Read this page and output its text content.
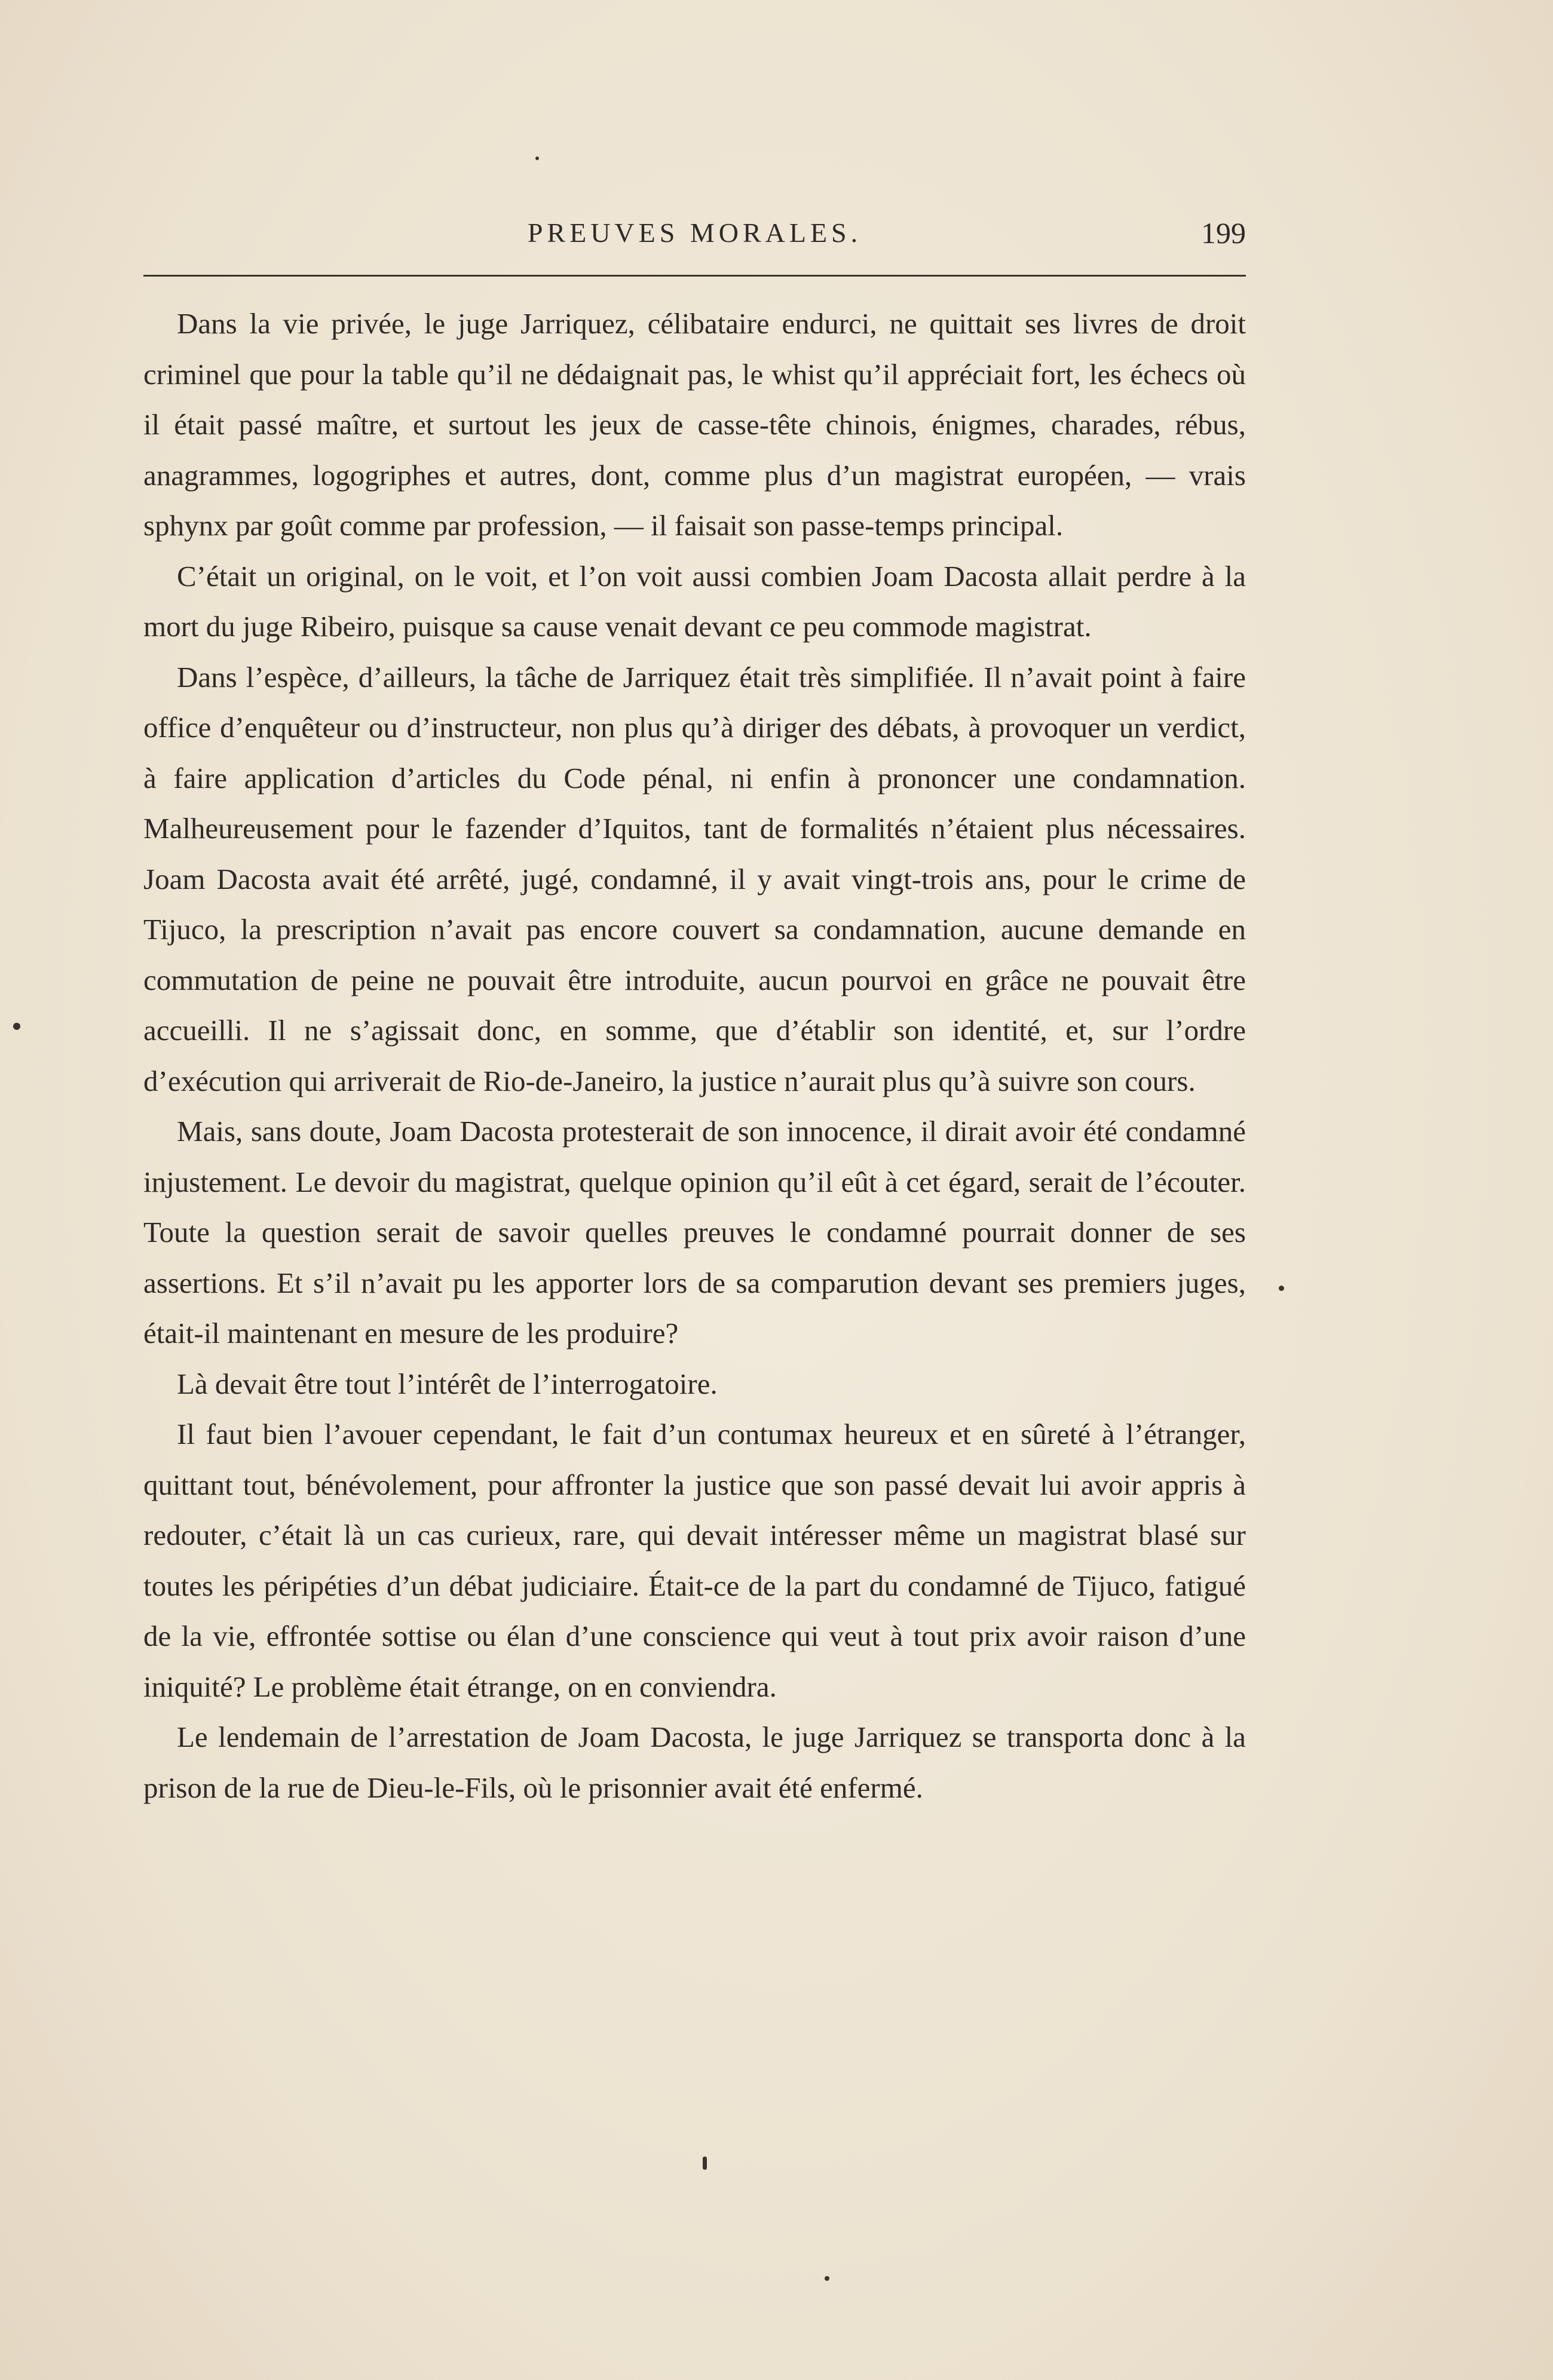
PREUVES MORALES.	199

Dans la vie privée, le juge Jarriquez, célibataire endurci, ne quittait ses livres de droit criminel que pour la table qu’il ne dédaignait pas, le whist qu’il appréciait fort, les échecs où il était passé maître, et surtout les jeux de casse-tête chinois, énigmes, charades, rébus, anagrammes, logogriphes et autres, dont, comme plus d’un magistrat européen, — vrais sphynx par goût comme par profession, — il faisait son passe-temps principal.

C’était un original, on le voit, et l’on voit aussi combien Joam Dacosta allait perdre à la mort du juge Ribeiro, puisque sa cause venait devant ce peu commode magistrat.

Dans l’espèce, d’ailleurs, la tâche de Jarriquez était très simplifiée. Il n’avait point à faire office d’enquêteur ou d’instructeur, non plus qu’à diriger des débats, à provoquer un verdict, à faire application d’articles du Code pénal, ni enfin à prononcer une condamnation. Malheureusement pour le fazender d’Iquitos, tant de formalités n’étaient plus nécessaires. Joam Dacosta avait été arrêté, jugé, condamné, il y avait vingt-trois ans, pour le crime de Tijuco, la prescription n’avait pas encore couvert sa condamnation, aucune demande en commutation de peine ne pouvait être introduite, aucun pourvoi en grâce ne pouvait être accueilli. Il ne s’agissait donc, en somme, que d’établir son identité, et, sur l’ordre d’exécution qui arriverait de Rio-de-Janeiro, la justice n’aurait plus qu’à suivre son cours.

Mais, sans doute, Joam Dacosta protesterait de son innocence, il dirait avoir été condamné injustement. Le devoir du magistrat, quelque opinion qu’il eût à cet égard, serait de l’écouter. Toute la question serait de savoir quelles preuves le condamné pourrait donner de ses assertions. Et s’il n’avait pu les apporter lors de sa comparution devant ses premiers juges, était-il maintenant en mesure de les produire?

Là devait être tout l’intérêt de l’interrogatoire.

Il faut bien l’avouer cependant, le fait d’un contumax heureux et en sûreté à l’étranger, quittant tout, bénévolement, pour affronter la justice que son passé devait lui avoir appris à redouter, c’était là un cas curieux, rare, qui devait intéresser même un magistrat blasé sur toutes les péripéties d’un débat judiciaire. Était-ce de la part du condamné de Tijuco, fatigué de la vie, effrontée sottise ou élan d’une conscience qui veut à tout prix avoir raison d’une iniquité? Le problème était étrange, on en conviendra.

Le lendemain de l’arrestation de Joam Dacosta, le juge Jarriquez se transporta donc à la prison de la rue de Dieu-le-Fils, où le prisonnier avait été enfermé.
